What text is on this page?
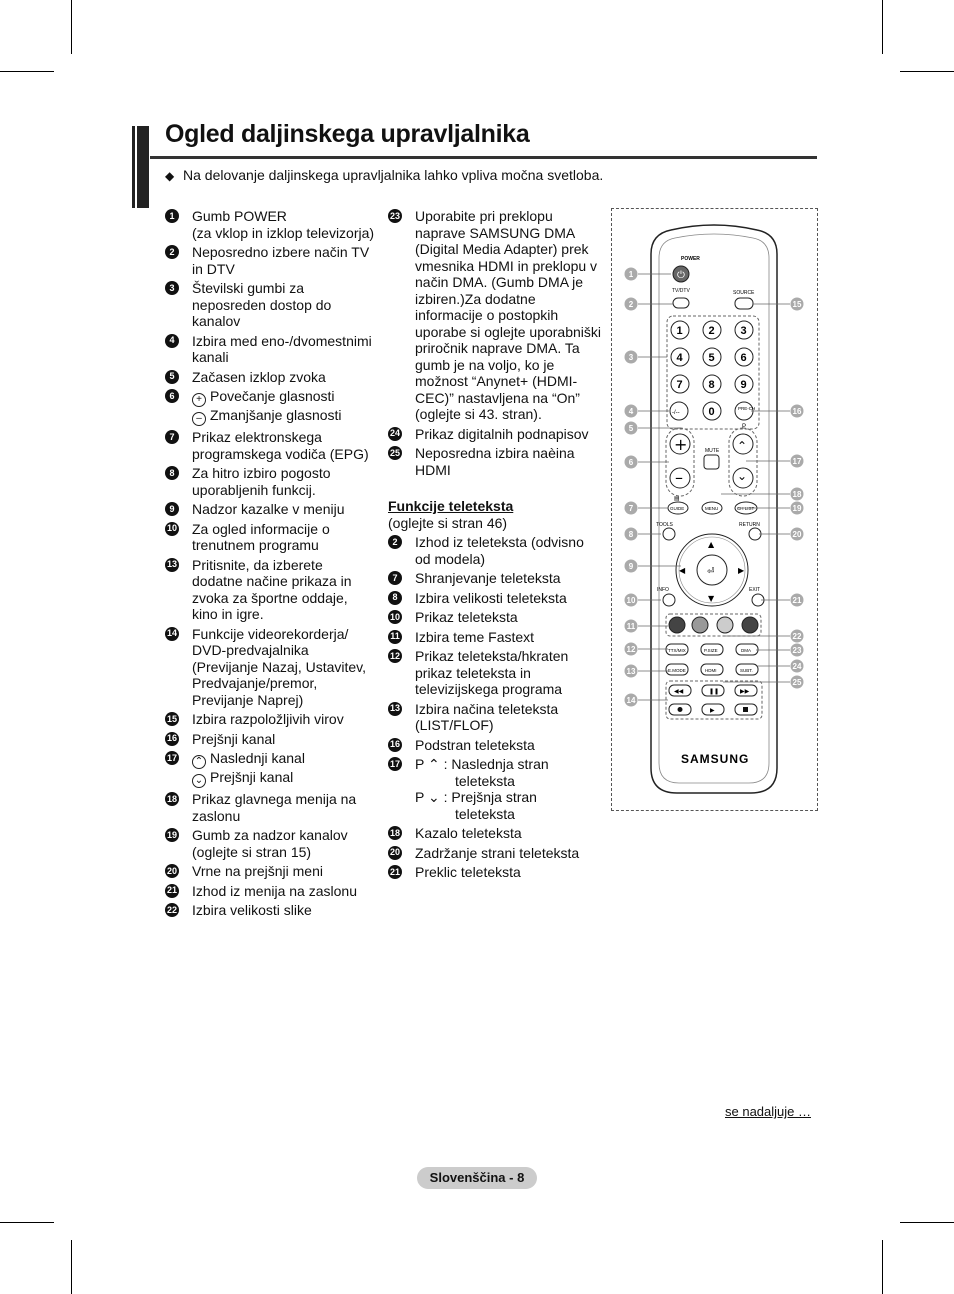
Ogled daljinskega upravljalnika
◆ Na delovanje daljinskega upravljalnika lahko vpliva močna svetloba.
1	Gumb POWER
(za vklop in izklop televizorja)
2	Neposredno izbere način TV in DTV
3	Številski gumbi za neposreden dostop do kanalov
4	Izbira med eno-/dvomestnimi kanali
5	Začasen izklop zvoka
6	+ Povečanje glasnosti
– Zmanjšanje glasnosti
7	Prikaz elektronskega programskega vodiča (EPG)
8	Za hitro izbiro pogosto uporabljenih funkcij.
9	Nadzor kazalke v meniju
10 Za ogled informacije o trenutnem programu
13 Pritisnite, da izberete dodatne načine prikaza in zvoka za športne oddaje, kino in igre.
14 Funkcije videorekorderja/ DVD-predvajalnika (Previjanje Nazaj, Ustavitev, Predvajanje/premor, Previjanje Naprej)
15 Izbira razpoložljivih virov
16 Prejšnji kanal
17 ⌃ Naslednji kanal
⌄ Prejšnji kanal
18 Prikaz glavnega menija na zaslonu
19 Gumb za nadzor kanalov (oglejte si stran 15)
20 Vrne na prejšnji meni
21 Izhod iz menija na zaslonu
22 Izbira velikosti slike
23 Uporabite pri preklopu naprave SAMSUNG DMA (Digital Media Adapter) prek vmesnika HDMI in preklopu v način DMA. (Gumb DMA je izbiren.)Za dodatne informacije o postopkih uporabe si oglejte uporabniški priročnik naprave DMA. Ta gumb je na voljo, ko je možnost “Anynet+ (HDMI-CEC)” nastavljena na “On” (oglejte si 43. stran).
24 Prikaz digitalnih podnapisov
25 Neposredna izbira naèina HDMI
Funkcije teleteksta
(oglejte si stran 46)
2	Izhod iz teleteksta (odvisno od modela)
7	Shranjevanje teleteksta
8	Izbira velikosti teleteksta
10 Prikaz teleteksta
11 Izbira teme Fastext
12 Prikaz teleteksta/hkraten prikaz teleteksta in televizijskega programa
13 Izbira načina teleteksta (LIST/FLOF)
16 Podstran teleteksta
17 P ⌃ : Naslednja stran
teleteksta
P ⌄ : Prejšnja stran
teleteksta
18 Kazalo teleteksta
20 Zadržanje strani teleteksta
21 Preklic teleteksta
POWER
⏻
TV/DTV	SOURCE
1 2 3
4 5 6
7 8 9
0
-/--
PRE-CH
+
–
P
⌃
⌄
MUTE
▤
GUIDE	MENU	CH LIST
TOOLS	RETURN
⏎
▲
▼
◀	▶
INFO	EXIT
TTX/MIX	P.SIZE	DMA
E.MODE	HDMI	SUBT.
◀◀	❚❚	▶▶
▶
SAMSUNG
1
2
3
4
5
6
7
8
9
10
11
12
13
14
15
16
17
18
19
20
21
22
23
24
25
se nadaljuje …
Slovenščina - 8
